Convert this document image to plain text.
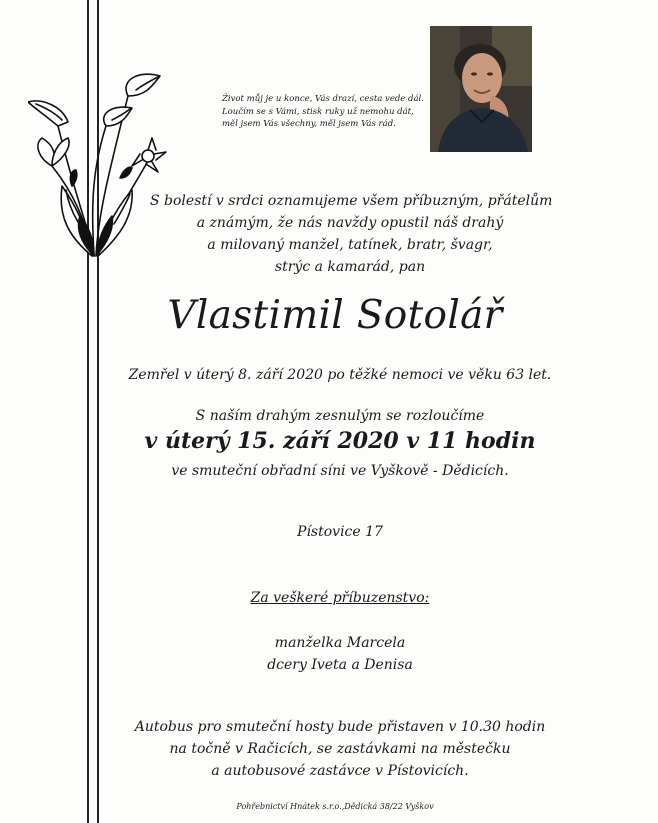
Život můj je u konce, Vás drazí, cesta vede dál.
Loučím se s Vámi, stisk ruky už nemohu dát,
měl jsem Vás všechny, měl jsem Vás rád.
S bolestí v srdci oznamujeme všem příbuzným, přátelům
a známým, že nás navždy opustil náš drahý
a milovaný manžel, tatínek, bratr, švagr,
strýc a kamarád, pan
Vlastimil Sotolář
Zemřel v úterý 8. září 2020 po těžké nemoci ve věku 63 let.
S naším drahým zesnulým se rozloučíme
v úterý 15. září 2020 v 11 hodin
ve smuteční obřadní síni ve Vyškově - Dědicích.
Pístovice 17
Za veškeré příbuzenstvo:
manželka Marcela
dcery Iveta a Denisa
Autobus pro smuteční hosty bude přistaven v 10.30 hodin
na točně v Račicích, se zastávkami na městečku
a autobusové zastávce v Pístovicích.
Pohřebnictví Hnátek s.r.o.,Dědická 38/22 Vyškov
